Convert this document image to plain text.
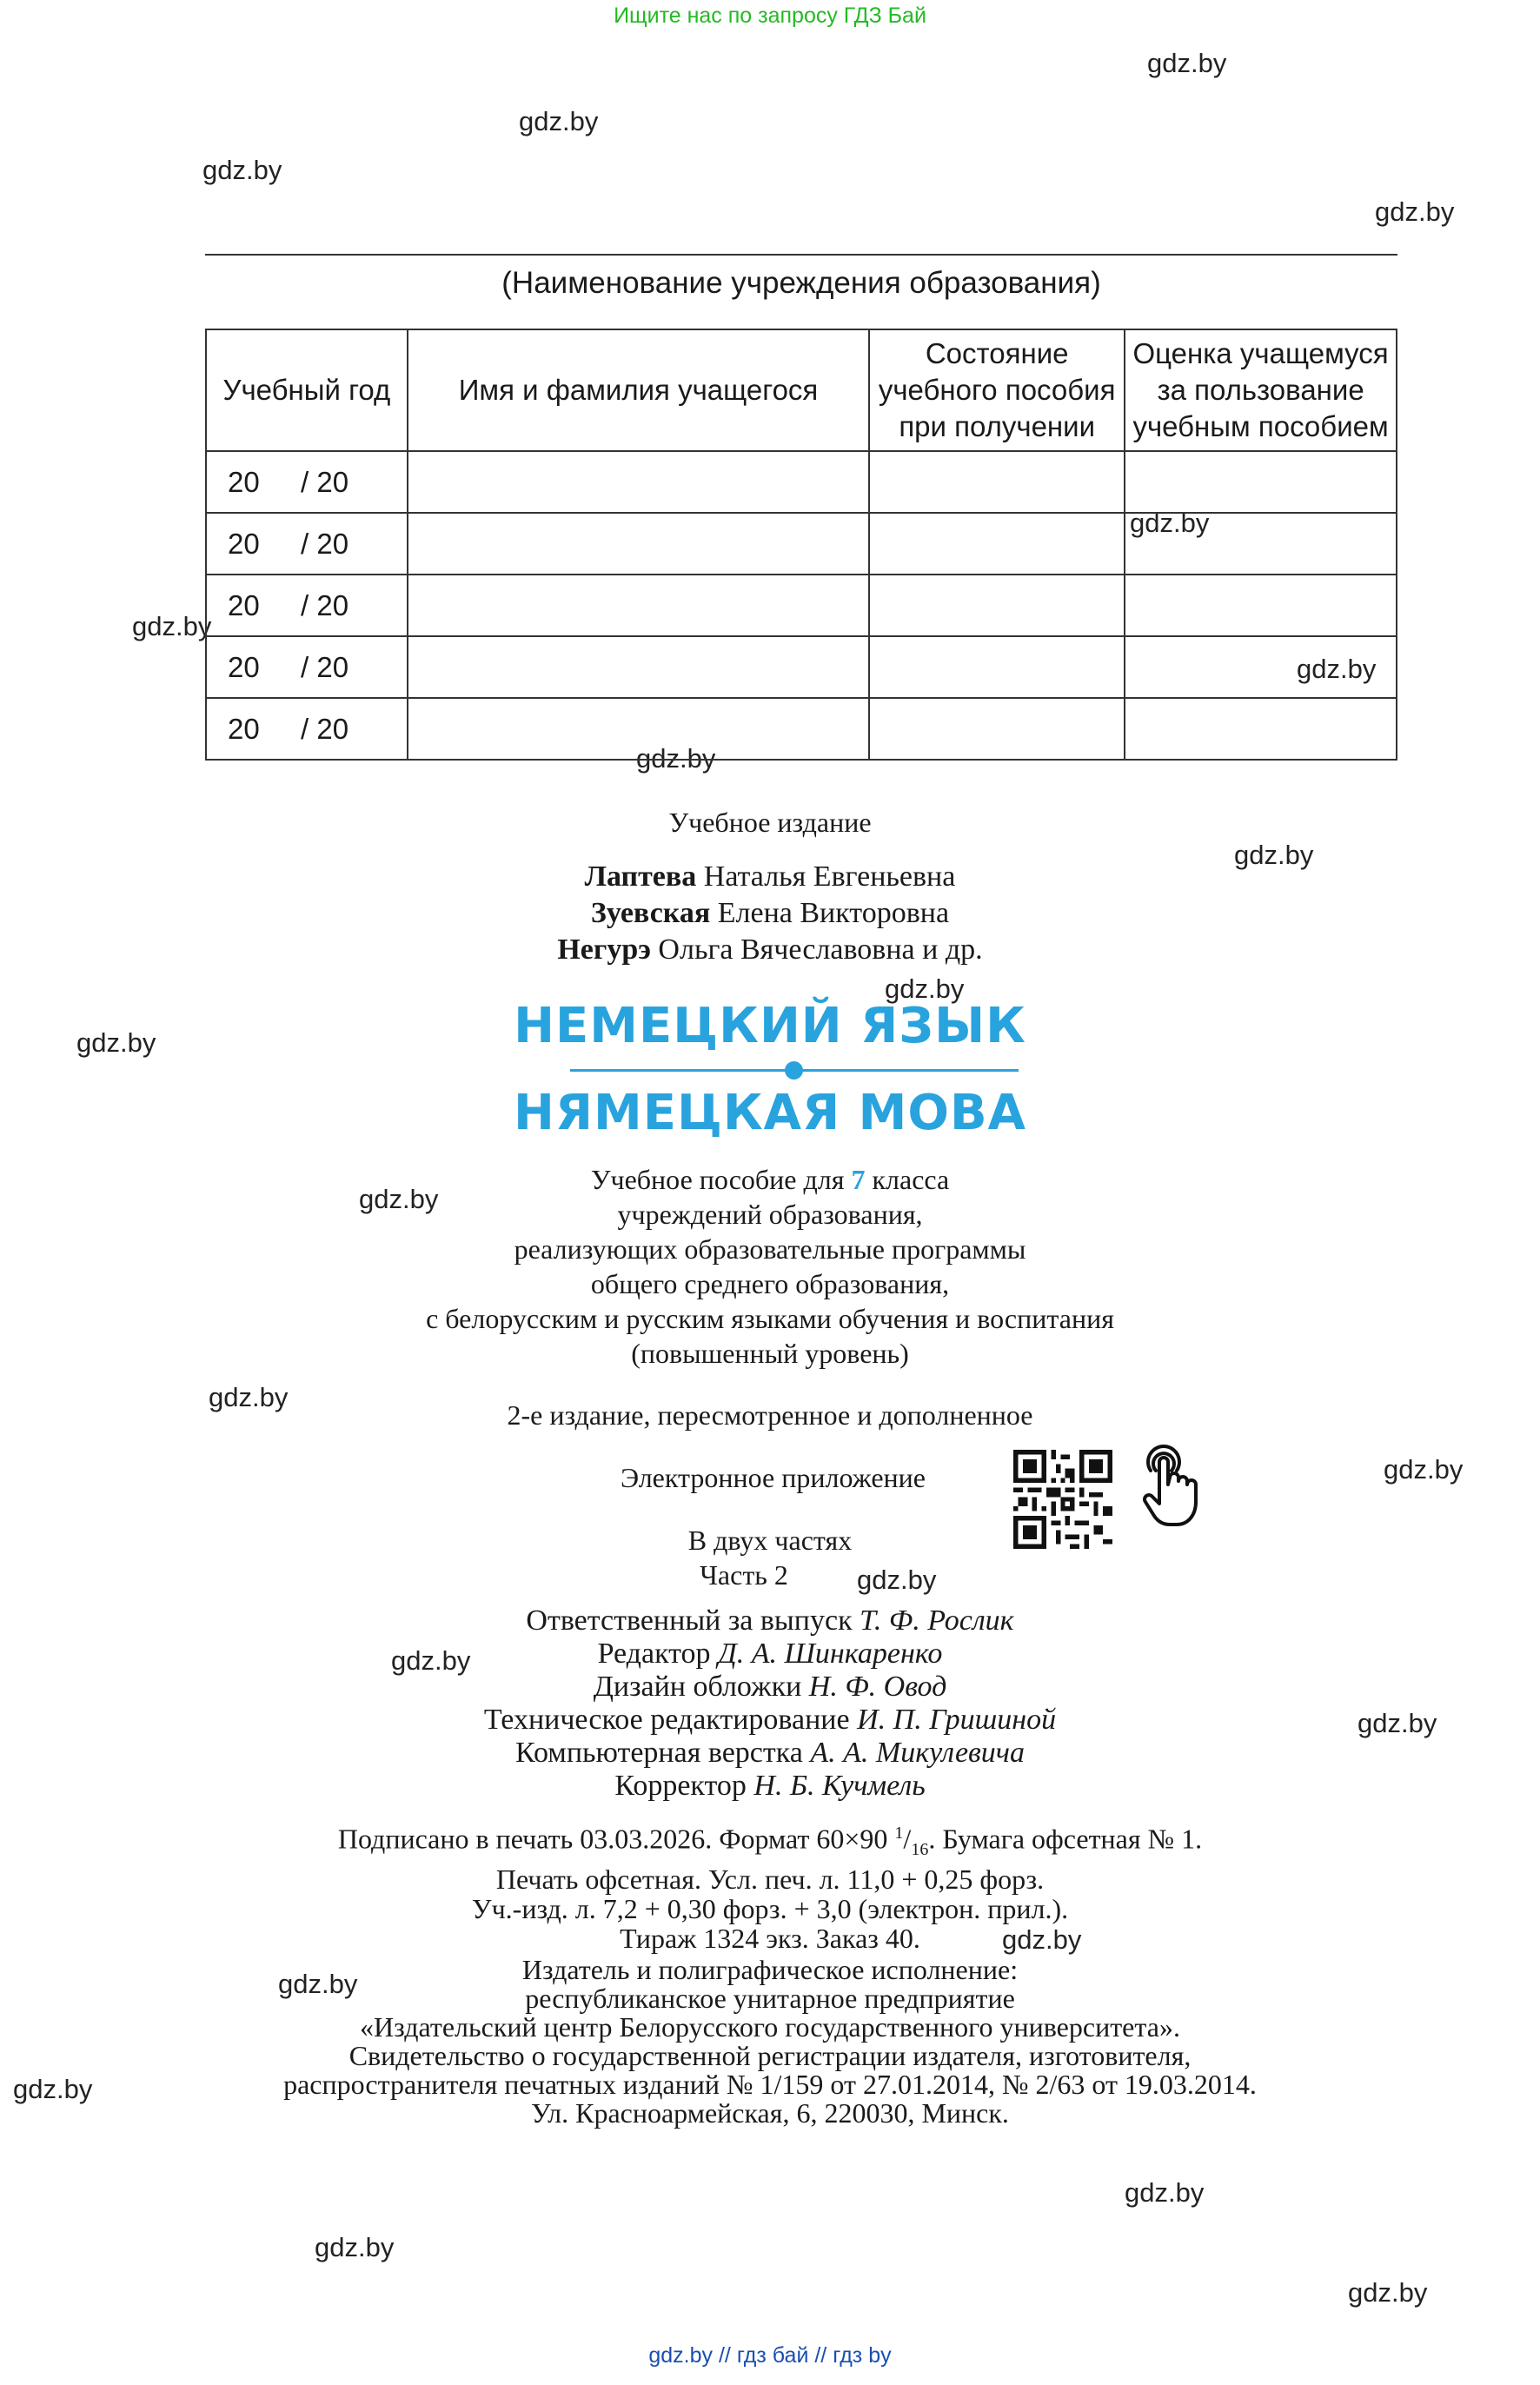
Ищите нас по запросу ГДЗ Бай
gdz.by
gdz.by
gdz.by
gdz.by
gdz.by
gdz.by
gdz.by
gdz.by
gdz.by
gdz.by
gdz.by
gdz.by
gdz.by
gdz.by
gdz.by
gdz.by
gdz.by
gdz.by
gdz.by
gdz.by
gdz.by
gdz.by
gdz.by
(Наименование учреждения образования)
Учебный год	Имя и фамилия учащегося	Состояние учебного пособия при получении	Оценка учащемуся за пользование учебным пособием
20 / 20			
20 / 20			
20 / 20			
20 / 20			
20 / 20			
Учебное издание
Лаптева Наталья Евгеньевна
Зуевская Елена Викторовна
Негурэ Ольга Вячеславовна и др.
НЕМЕЦКИЙ ЯЗЫК
НЯМЕЦКАЯ МОВА
Учебное пособие для 7 класса
учреждений образования,
реализующих образовательные программы
общего среднего образования,
с белорусским и русским языками обучения и воспитания
(повышенный уровень)
2-е издание, пересмотренное и дополненное
Электронное приложение
В двух частях
Часть 2
Ответственный за выпуск Т. Ф. Рослик
Редактор Д. А. Шинкаренко
Дизайн обложки Н. Ф. Овод
Техническое редактирование И. П. Гришиной
Компьютерная верстка А. А. Микулевича
Корректор Н. Б. Кучмель
Подписано в печать 03.03.2026. Формат 60×90 $^1/_{16}$. Бумага офсетная № 1.
Печать офсетная. Усл. печ. л. 11,0 + 0,25 форз.
Уч.-изд. л. 7,2 + 0,30 форз. + 3,0 (электрон. прил.).
Тираж 1324 экз. Заказ 40.
Издатель и полиграфическое исполнение:
республиканское унитарное предприятие
«Издательский центр Белорусского государственного университета».
Свидетельство о государственной регистрации издателя, изготовителя,
распространителя печатных изданий № 1/159 от 27.01.2014, № 2/63 от 19.03.2014.
Ул. Красноармейская, 6, 220030, Минск.
gdz.by // гдз бай // гдз by
